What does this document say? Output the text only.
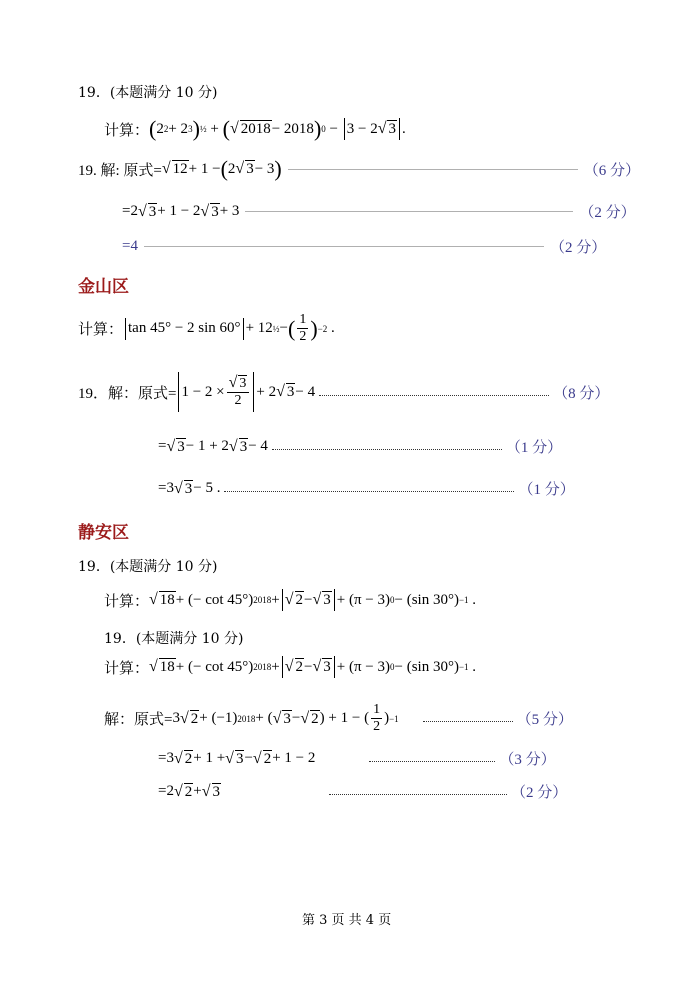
19．(本题满分 10 分)
计算： ( 2 2 + 2 3 ) ½ + ( √ 2018 − 2018 ) 0 −
3 − 2 √ 3 .
19. 解: 原式= √ 12 + 1 − ( 2 √ 3 − 3 )	（6 分）
=2 √ 3 + 1 − 2 √ 3 + 3	（2 分）
=4	（2 分）
金山区
计算： tan 45° − 2 sin 60°
+ 12 ½ − ( $\frac{1}{2}$ ) −2 .
19．解：原式= $1 - 2 \times \frac{√ 3}{2} + 2$ √ 3 − 4	（8 分）
= √ 3 − 1 + 2 √ 3 − 4	（1 分）
=3 √ 3 − 5 .	（1 分）
静安区
19．(本题满分 10 分)
计算： √ 18 + (− cot 45°) 2018 + √ 2 − √ 3 + (π − 3) 0 − (sin 30°) −1 .
19．(本题满分 10 分)
计算： √ 18 + (− cot 45°) 2018 + √ 2 − √ 3 + (π − 3) 0 − (sin 30°) −1 .
解：原式= 3 √ 2 + (−1) 2018 + ( √ 3 − √ 2 ) + 1 − ( $\frac{1}{2}$ ) −1	（5 分）
=3 √ 2 + 1 + √ 3 − √ 2 + 1 − 2	（3 分）
=2 √ 2 + √ 3	（2 分）
第 3 页 共 4 页
